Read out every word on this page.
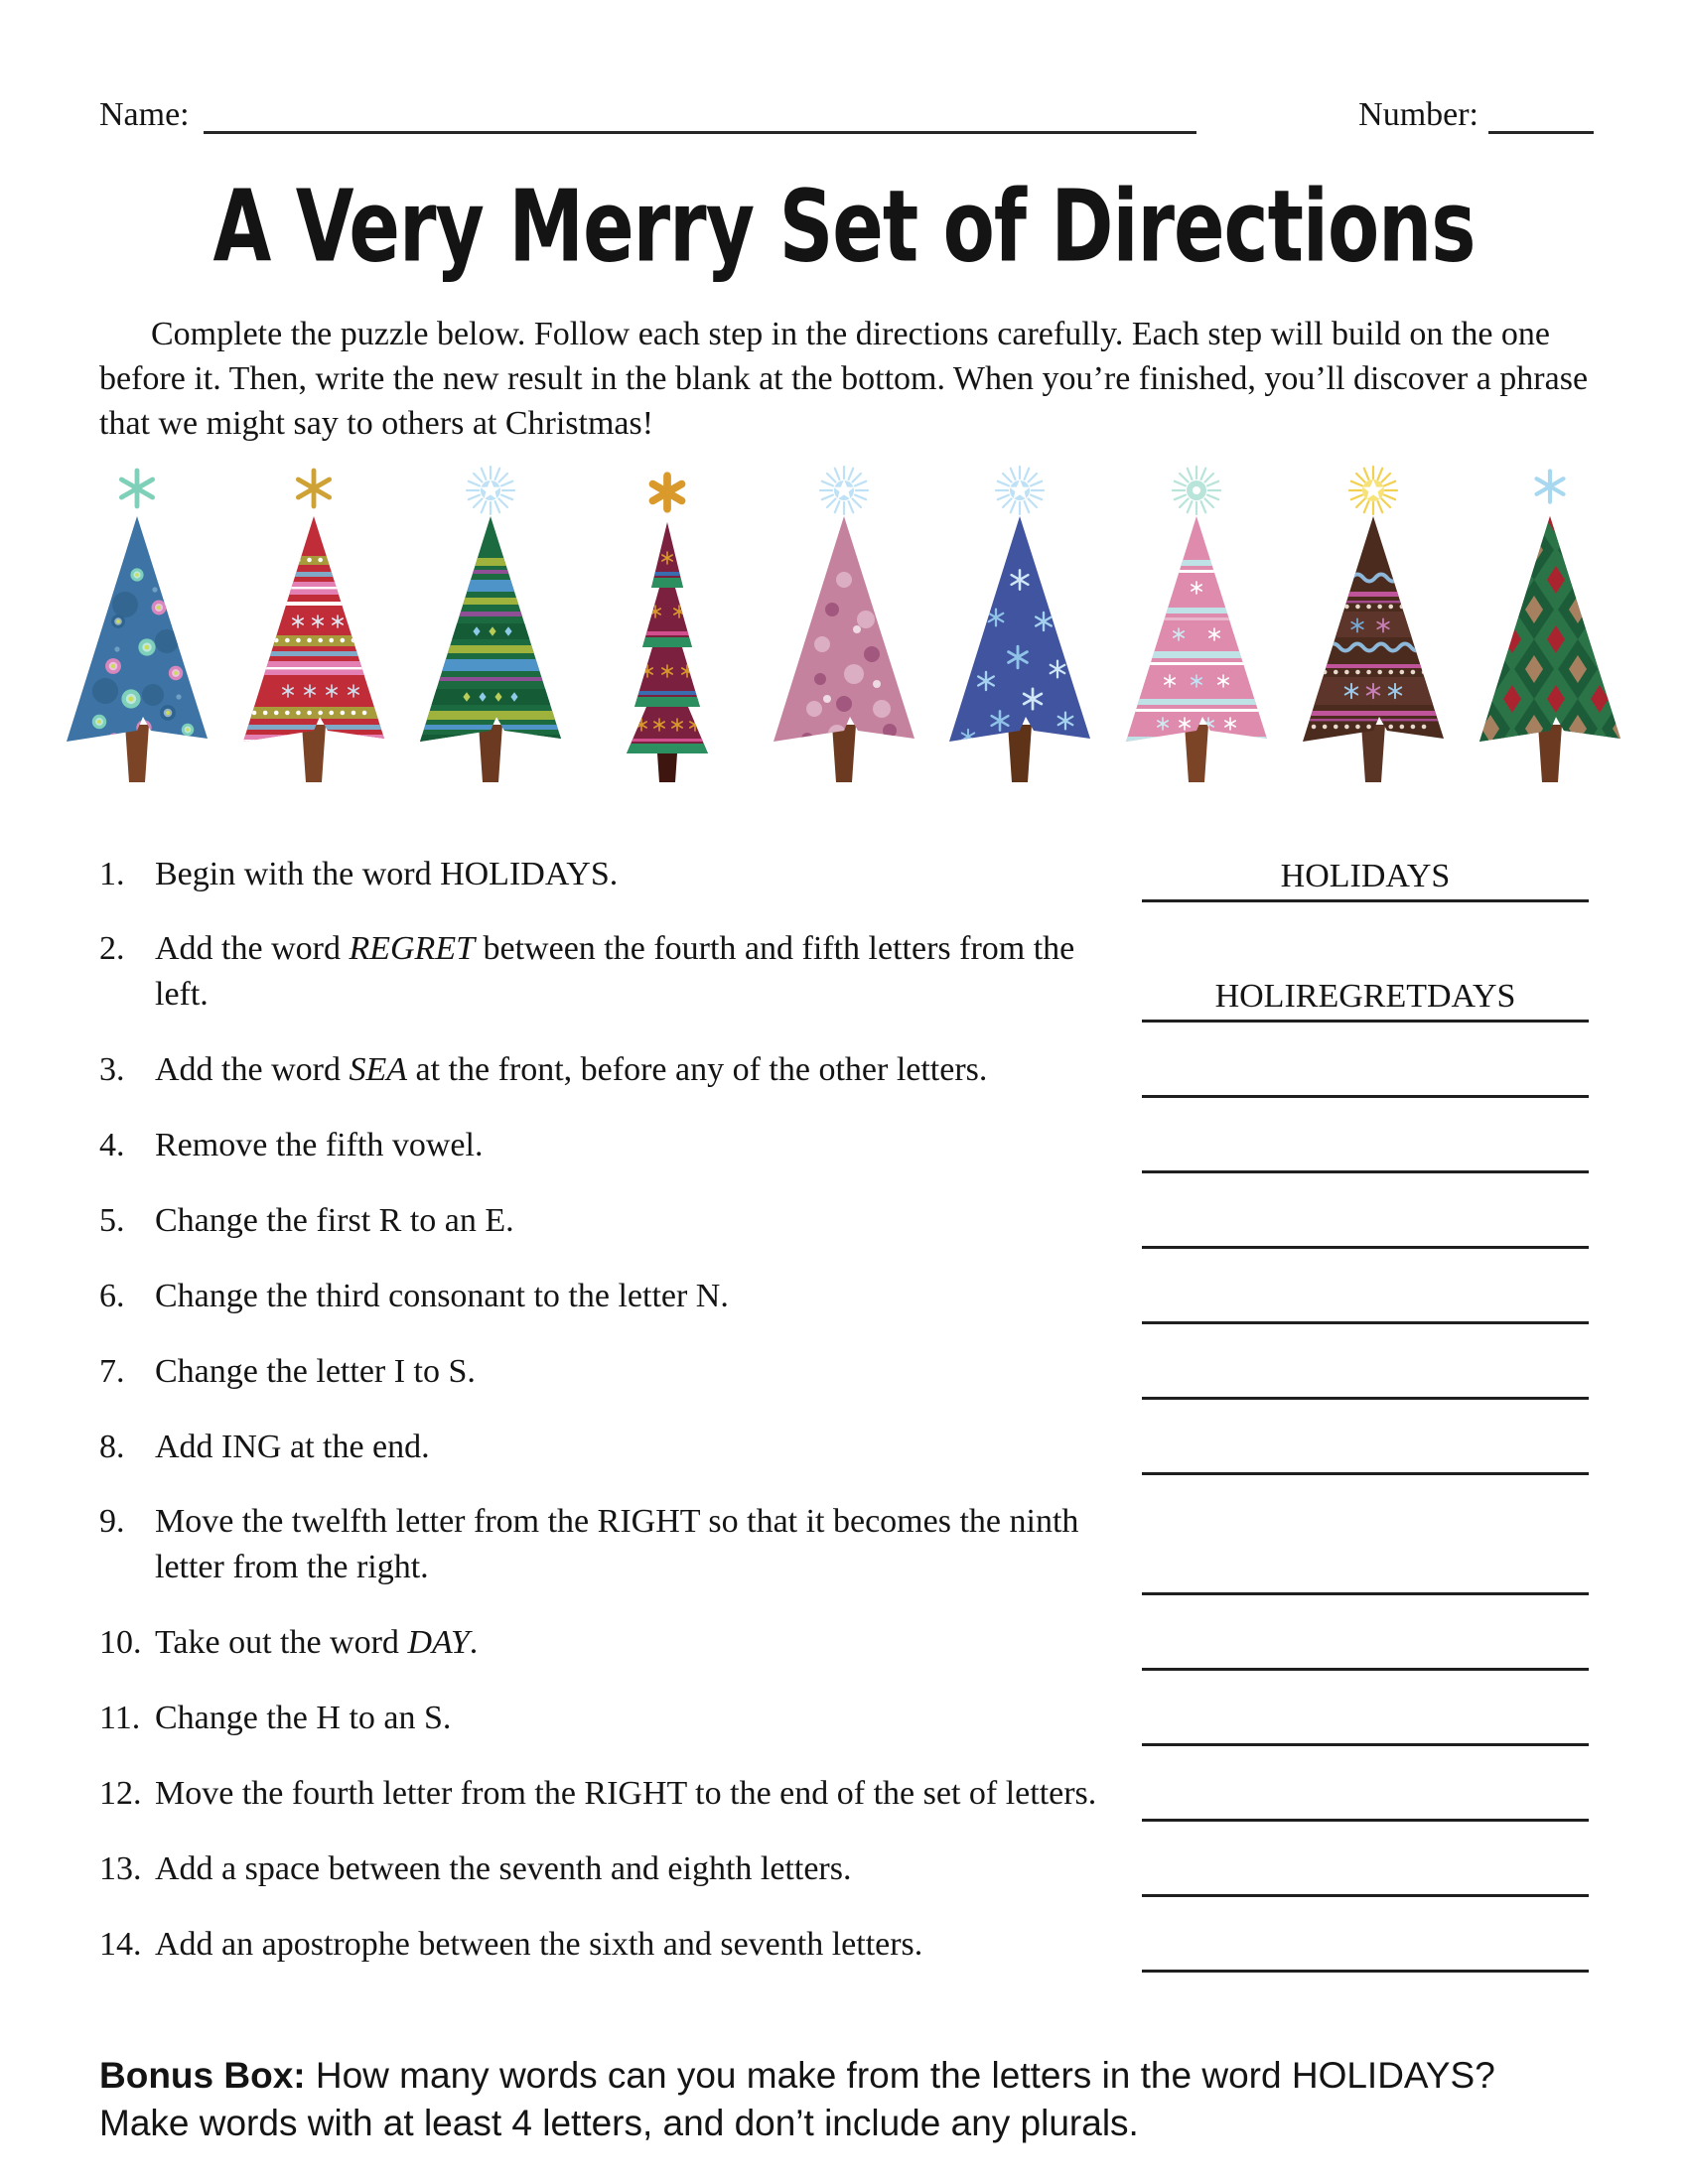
Name:	Number:
A Very Merry Set of Directions

Complete the puzzle below. Follow each step in the directions carefully. Each step will build on the one before it. Then, write the new result in the blank at the bottom. When you’re finished, you’ll discover a phrase that we might say to others at Christmas!

1. Begin with the word HOLIDAYS.	HOLIDAYS
2. Add the word REGRET between the fourth and fifth letters from the left.	HOLIREGRETDAYS
3. Add the word SEA at the front, before any of the other letters.
4. Remove the fifth vowel.
5. Change the first R to an E.
6. Change the third consonant to the letter N.
7. Change the letter I to S.
8. Add ING at the end.
9. Move the twelfth letter from the RIGHT so that it becomes the ninth letter from the right.
10. Take out the word DAY.
11. Change the H to an S.
12. Move the fourth letter from the RIGHT to the end of the set of letters.
13. Add a space between the seventh and eighth letters.
14. Add an apostrophe between the sixth and seventh letters.

Bonus Box: How many words can you make from the letters in the word HOLIDAYS? Make words with at least 4 letters, and don’t include any plurals.
